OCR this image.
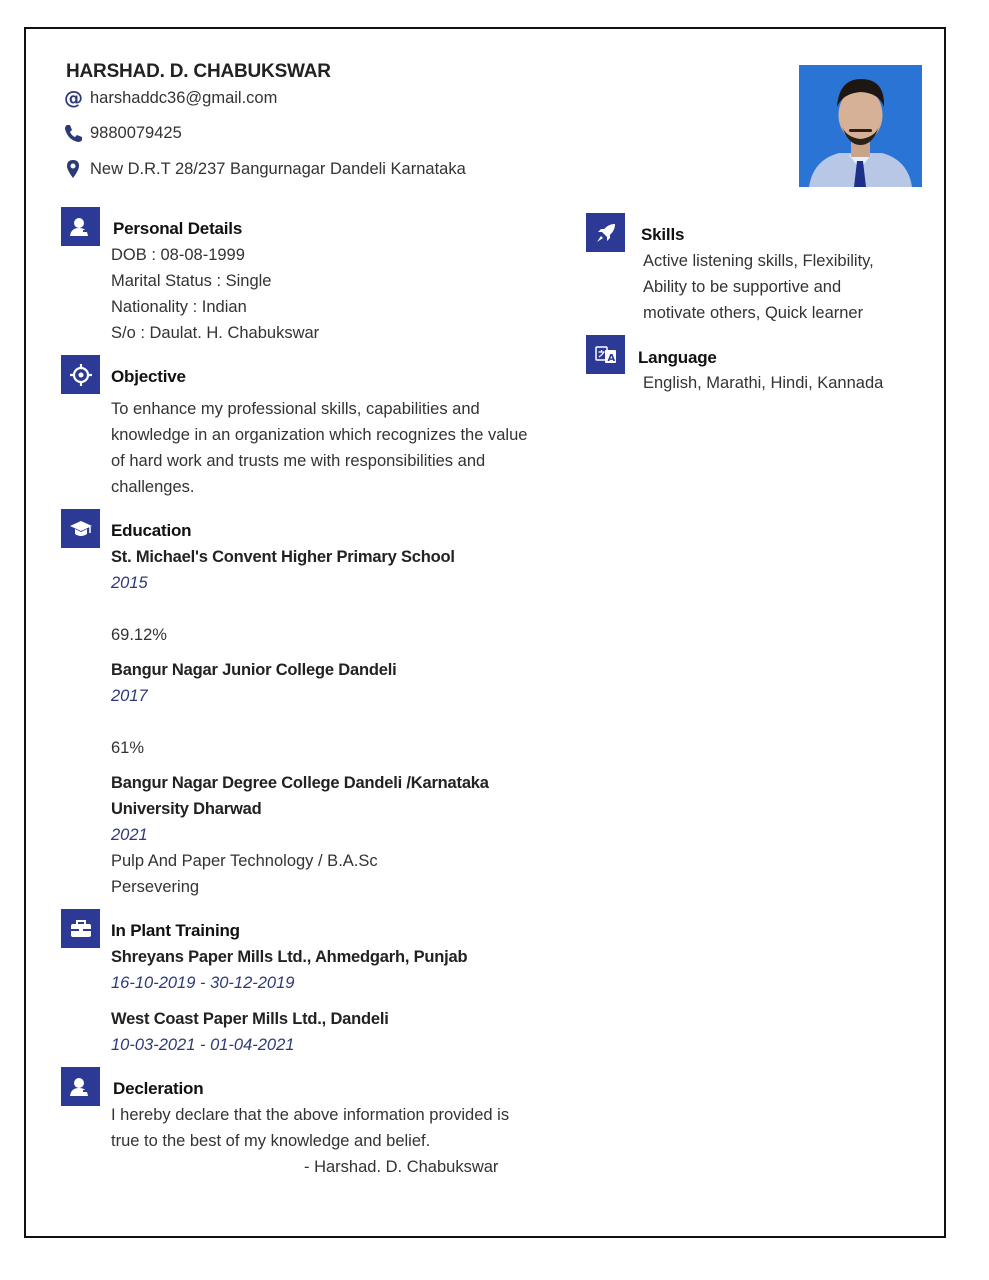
HARSHAD. D. CHABUKSWAR
@ harshaddc36@gmail.com
9880079425
New D.R.T 28/237 Bangurnagar Dandeli Karnataka
Personal Details
DOB : 08-08-1999
Marital Status : Single
Nationality : Indian
S/o : Daulat. H. Chabukswar
Objective
To enhance my professional skills, capabilities and
knowledge in an organization which recognizes the value
of hard work and trusts me with responsibilities and
challenges.
Education
St. Michael's Convent Higher Primary School
2015
69.12%
Bangur Nagar Junior College Dandeli
2017
61%
Bangur Nagar Degree College Dandeli /Karnataka
University Dharwad
2021
Pulp And Paper Technology / B.A.Sc
Persevering
In Plant Training
Shreyans Paper Mills Ltd., Ahmedgarh, Punjab
16-10-2019 - 30-12-2019
West Coast Paper Mills Ltd., Dandeli
10-03-2021 - 01-04-2021
Decleration
I hereby declare that the above information provided is
true to the best of my knowledge and belief.
- Harshad. D. Chabukswar
Skills
Active listening skills, Flexibility,
Ability to be supportive and
motivate others, Quick learner
A Language
English, Marathi, Hindi, Kannada
